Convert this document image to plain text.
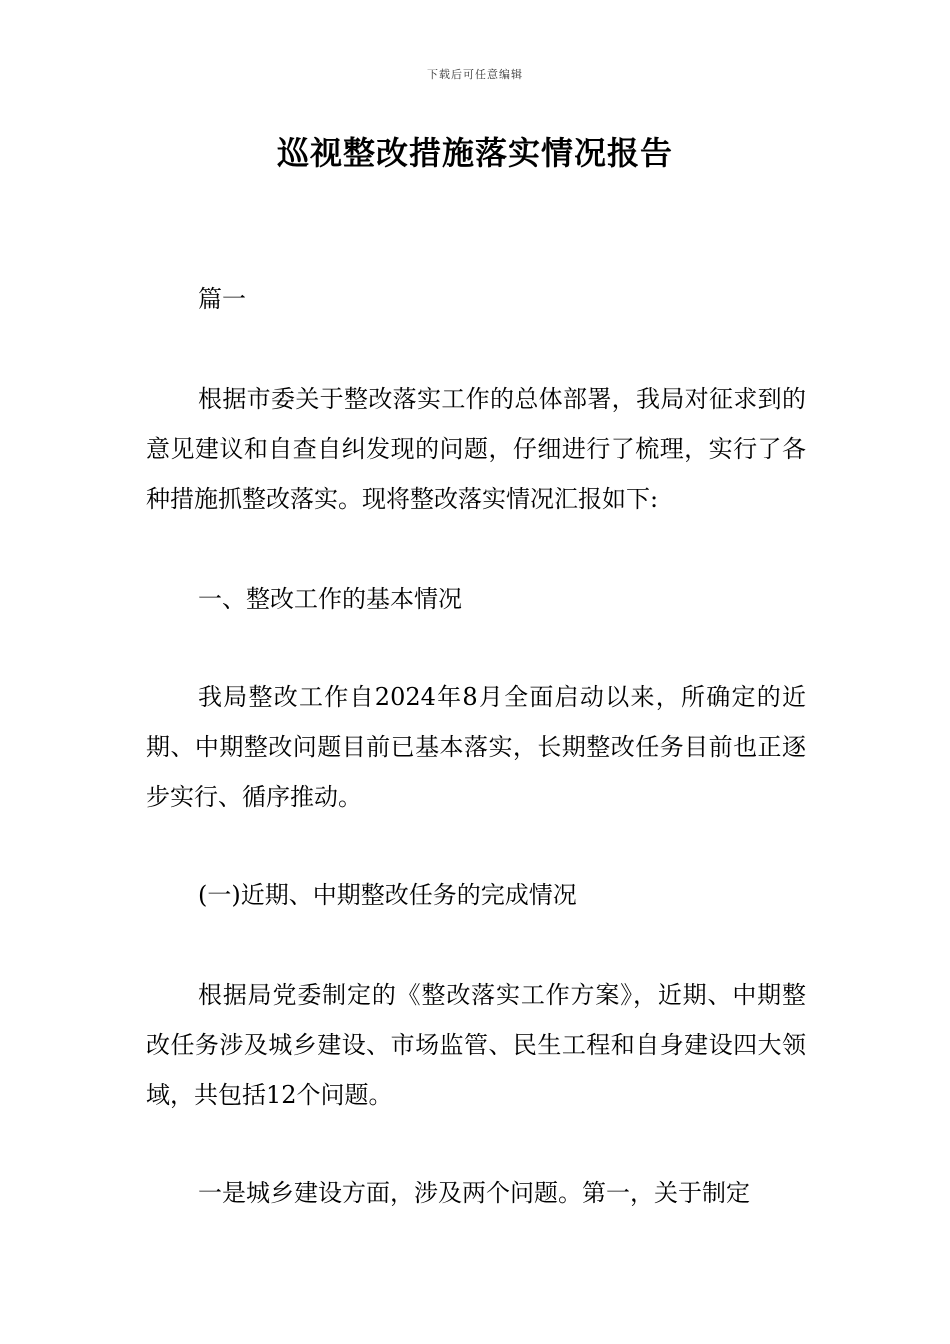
下载后可任意编辑
巡视整改措施落实情况报告

篇一

根据市委关于整改落实工作的总体部署，我局对征求到的意见建议和自查自纠发现的问题，仔细进行了梳理，实行了各种措施抓整改落实。现将整改落实情况汇报如下:

一、整改工作的基本情况

我局整改工作自2024年8月全面启动以来，所确定的近期、中期整改问题目前已基本落实，长期整改任务目前也正逐步实行、循序推动。

(一)近期、中期整改任务的完成情况

根据局党委制定的《整改落实工作方案》，近期、中期整改任务涉及城乡建设、市场监管、民生工程和自身建设四大领域，共包括12个问题。

一是城乡建设方面，涉及两个问题。第一，关于制定
